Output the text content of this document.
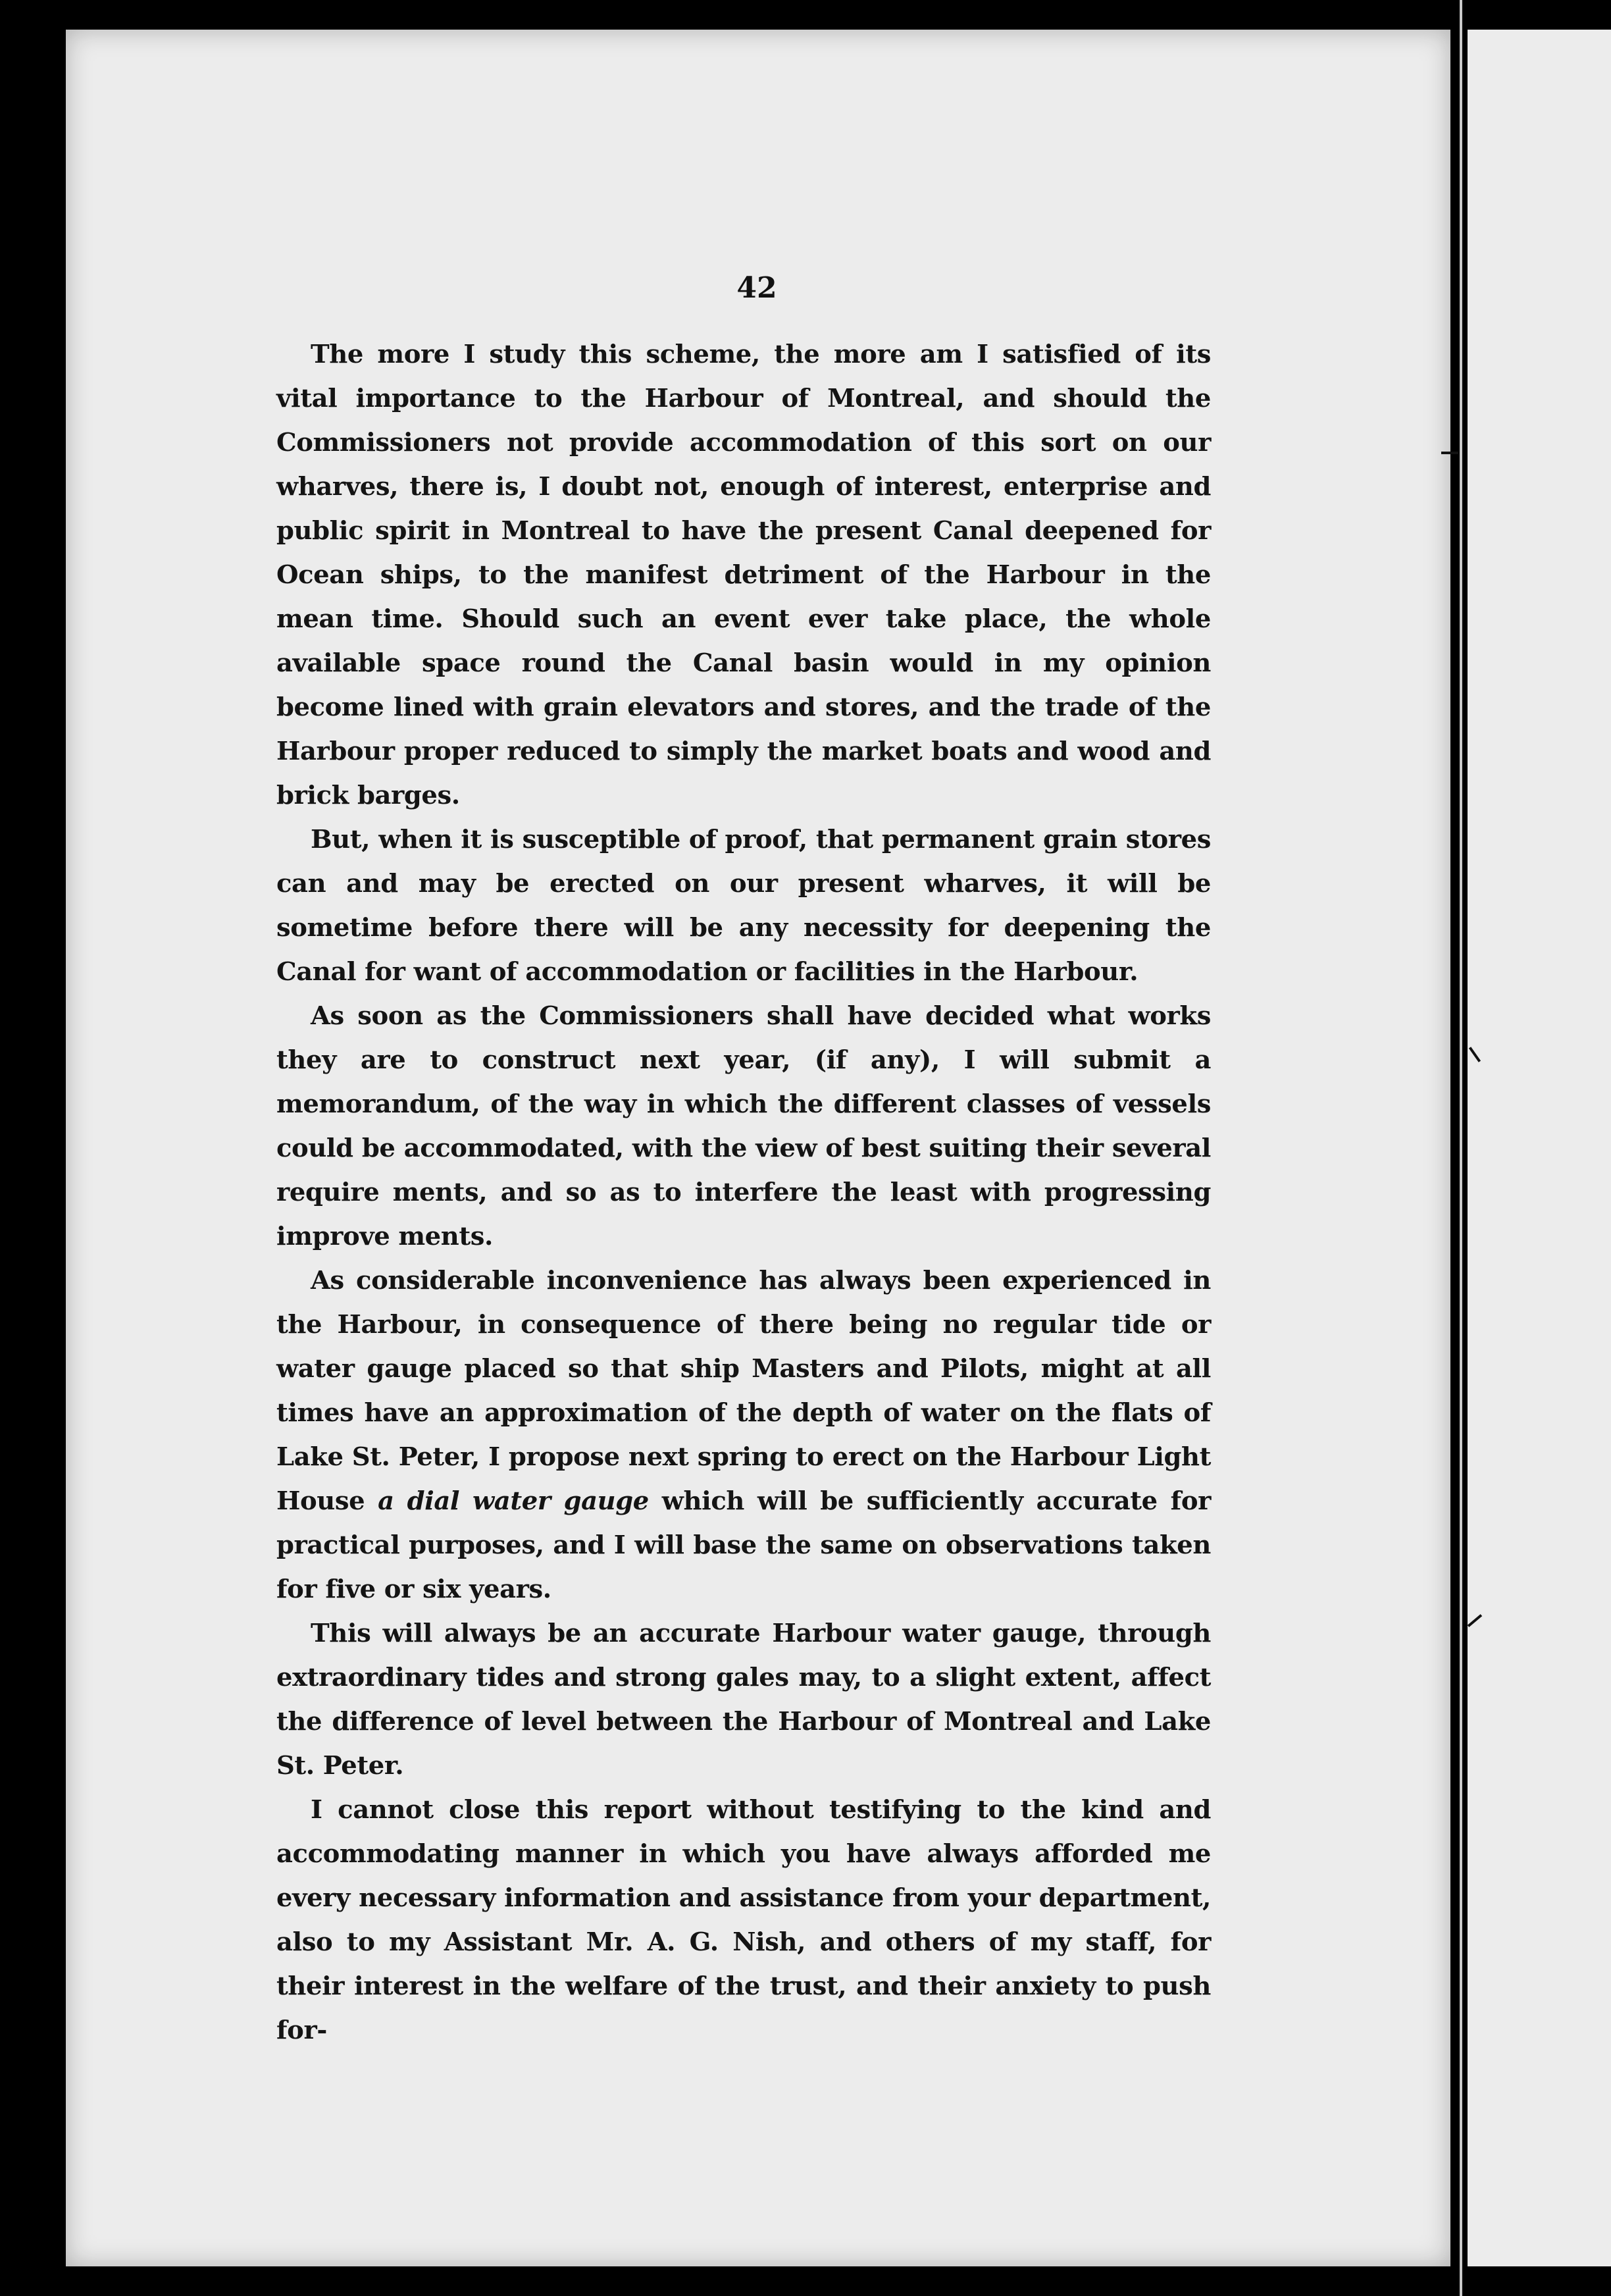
42

The more I study this scheme, the more am I satisfied of its vital importance to the Harbour of Montreal, and should the Commissioners not provide accommodation of this sort on our wharves, there is, I doubt not, enough of interest, enterprise and public spirit in Montreal to have the present Canal deepened for Ocean ships, to the manifest detriment of the Harbour in the mean time. Should such an event ever take place, the whole available space round the Canal basin would in my opinion become lined with grain elevators and stores, and the trade of the Harbour proper reduced to simply the market boats and wood and brick barges.

But, when it is susceptible of proof, that permanent grain stores can and may be erected on our present wharves, it will be sometime before there will be any necessity for deepening the Canal for want of accommodation or facilities in the Harbour.

As soon as the Commissioners shall have decided what works they are to construct next year, (if any), I will submit a memorandum, of the way in which the different classes of vessels could be accommodated, with the view of best suiting their several require ments, and so as to interfere the least with progressing improve ments.

As considerable inconvenience has always been experienced in the Harbour, in consequence of there being no regular tide or water gauge placed so that ship Masters and Pilots, might at all times have an approximation of the depth of water on the flats of Lake St. Peter, I propose next spring to erect on the Harbour Light House a dial water gauge which will be sufficiently accurate for practical purposes, and I will base the same on observations taken for five or six years.

This will always be an accurate Harbour water gauge, through extraordinary tides and strong gales may, to a slight extent, affect the difference of level between the Harbour of Montreal and Lake St. Peter.

I cannot close this report without testifying to the kind and accommodating manner in which you have always afforded me every necessary information and assistance from your department, also to my Assistant Mr. A. G. Nish, and others of my staff, for their interest in the welfare of the trust, and their anxiety to push for-
